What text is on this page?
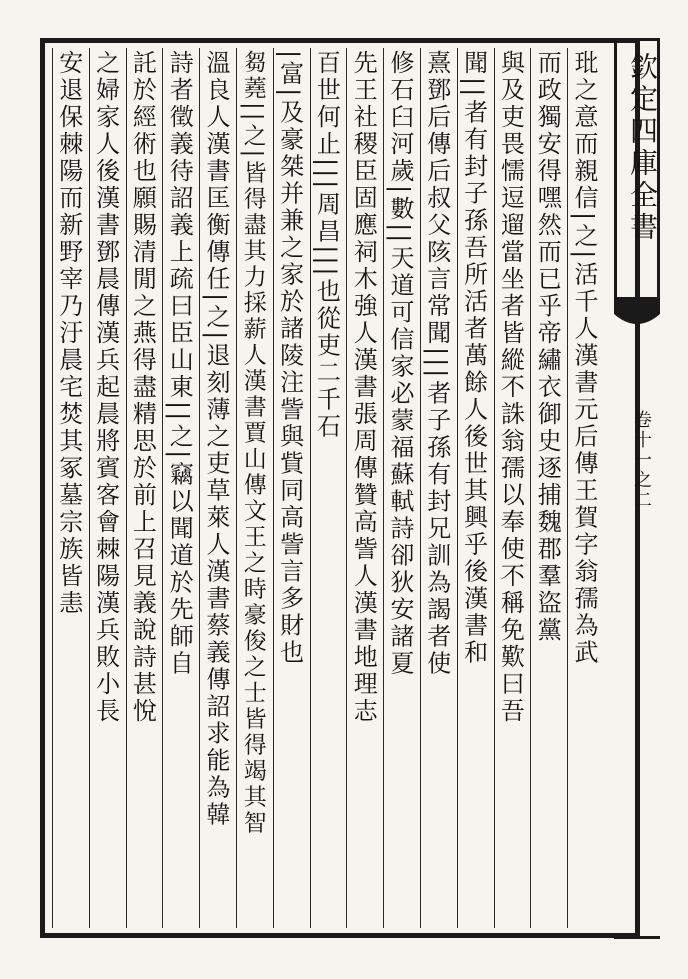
欽定四庫全書
卷十一之二
玭之意而親信|之|活千人漢書元后傳王賀字翁孺為武
而政獨安得嘿然而已乎帝繡衣御史逐捕魏郡羣盜黨
與及吏畏懦逗遛當坐者皆縱不誅翁孺以奉使不稱免歎曰吾
聞||者有封子孫吾所活者萬餘人後世其興乎後漢書和
熹鄧后傳后叔父陔言常聞|||者子孫有封兄訓為謁者使
修石臼河歲|數||天道可信家必蒙福蘇軾詩卻狄安諸夏
先王社稷臣固應祠木強人漢書張周傳贊高訾人漢書地理志
百世何止|||周昌|||也從吏二千石
|富|及豪桀并兼之家於諸陵注訾與貲同高訾言多財也
芻蕘||之|皆得盡其力採薪人漢書賈山傳文王之時豪俊之士皆得竭其智
溫良人漢書匡衡傳任|之|退刻薄之吏草萊人漢書蔡義傳詔求能為韓
詩者徵義待詔義上疏曰臣山東||之|竊以聞道於先師自
託於經術也願賜清閒之燕得盡精思於前上召見義說詩甚悅
之婦家人後漢書鄧晨傳漢兵起晨將賓客會棘陽漢兵敗小長
安退保棘陽而新野宰乃汙晨宅焚其冢墓宗族皆恚
